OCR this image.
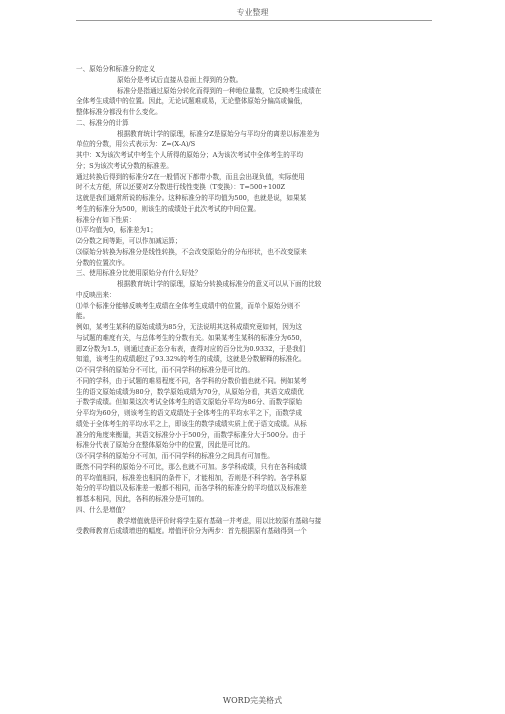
专业整理
一、原始分和标准分的定义
原始分是考试后直接从卷面上得到的分数。
标准分是指通过原始分转化而得到的一种地位量数，它反映考生成绩在
全体考生成绩中的位置。因此，无论试题难或易，无论整体原始分偏高或偏低，
整体标准分都没有什么变化。
二、标准分的计算
根据教育统计学的原理，标准分Z是原始分与平均分的离差以标准差为
单位的分数，用公式表示为：Z=(X-A)/S
其中：X为该次考试中考生个人所得的原始分；A为该次考试中全体考生的平均
分；S为该次考试分数的标准差。
通过转换后得到的标准分Z在一般情况下都带小数，而且会出现负值，实际使用
时不太方便，所以还要对Z分数进行线性变换（T变换）：T=500+100Z
这就是我们通常所说的标准分。这种标准分的平均值为500，也就是说，如果某
考生的标准分为500，则该生的成绩处于此次考试的中间位置。
标准分有如下性质：
⑴平均值为0，标准差为1；
⑵分数之间等距，可以作加减运算；
⑶原始分转换为标准分是线性转换，不会改变原始分的分布形状，也不改变原来
分数的位置次序。
三、使用标准分比使用原始分有什么好处？
根据教育统计学的原理，原始分转换成标准分的意义可以从下面的比较
中反映出来：
⑴单个标准分能够反映考生成绩在全体考生成绩中的位置，而单个原始分则不
能。
例如，某考生某科的原始成绩为85分，无法说明其这科成绩究竟如何，因为这
与试题的难度有关，与总体考生的分数有关。如果某考生某科的标准分为650，
即Z分数为1.5，则通过查正态分布表，查得对应的百分比为0.9332，于是我们
知道，该考生的成绩超过了93.32%的考生的成绩，这就是分数解释的标准化。
⑵不同学科的原始分不可比，而不同学科的标准分是可比的。
不同的学科，由于试题的难易程度不同，各学科的分数价值也就不同。例如某考
生的语文原始成绩为80分，数学原始成绩为70分，从原始分看，其语文成绩优
于数学成绩。但如果这次考试全体考生的语文原始分平均为86分、而数学原始
分平均为60分，则该考生的语文成绩处于全体考生的平均水平之下，而数学成
绩处于全体考生的平均水平之上，即该生的数学成绩实质上优于语文成绩。从标
准分的角度来衡量，其语文标准分小于500分，而数学标准分大于500分。由于
标准分代表了原始分在整体原始分中的位置，因此是可比的。
⑶不同学科的原始分不可加，而不同学科的标准分之间具有可加性。
既然不同学科的原始分不可比，那么也就不可加。多学科成绩，只有在各科成绩
的平均值相同，标准差也相同的条件下，才能相加，否则是不科学的。各学科原
始分的平均值以及标准差一般都不相同，而各学科的标准分的平均值以及标准差
都基本相同，因此，各科的标准分是可加的。
四、什么是增值？
教学增值就是评价时将学生原有基础一并考虑，用以比较原有基础与接
受教师教育后成绩增进的幅度。增值评价分为两步：首先根据原有基础得到一个
WORD完美格式
